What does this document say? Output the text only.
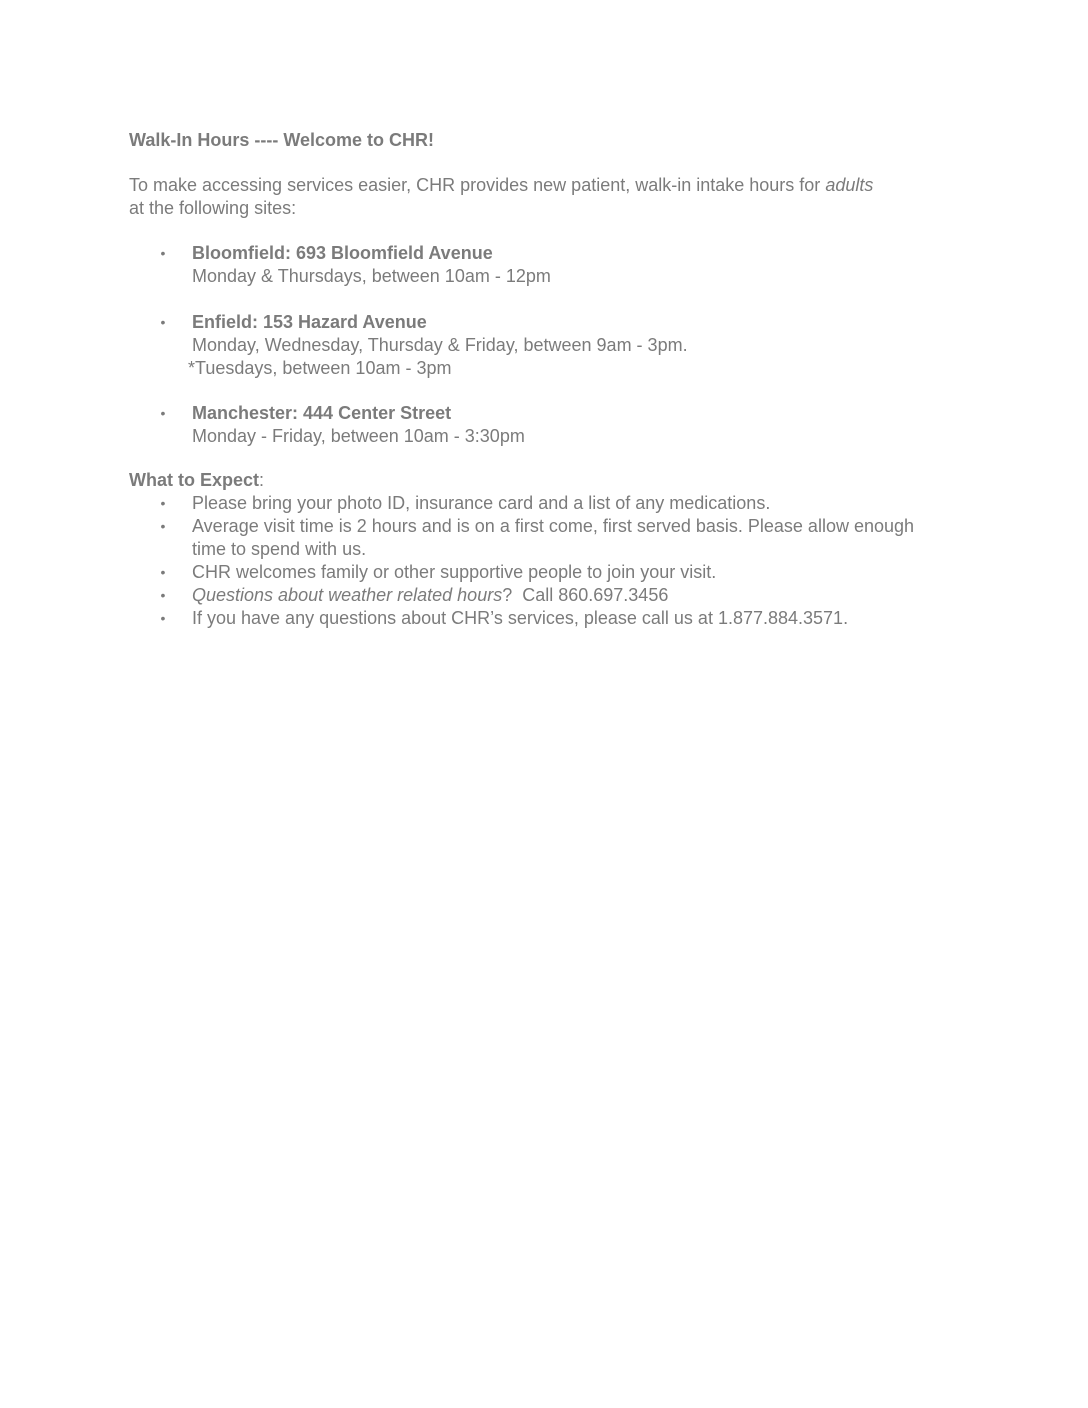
Walk-In Hours ---- Welcome to CHR!
To make accessing services easier, CHR provides new patient, walk-in intake hours for adults
at the following sites:
• Bloomfield: 693 Bloomfield Avenue
Monday & Thursdays, between 10am - 12pm
• Enfield: 153 Hazard Avenue
Monday, Wednesday, Thursday & Friday, between 9am - 3pm.
*Tuesdays, between 10am - 3pm
• Manchester: 444 Center Street
Monday - Friday, between 10am - 3:30pm
What to Expect:
• Please bring your photo ID, insurance card and a list of any medications.
• Average visit time is 2 hours and is on a first come, first served basis. Please allow enough time to spend with us.
• CHR welcomes family or other supportive people to join your visit.
• Questions about weather related hours?  Call 860.697.3456
• If you have any questions about CHR’s services, please call us at 1.877.884.3571.
